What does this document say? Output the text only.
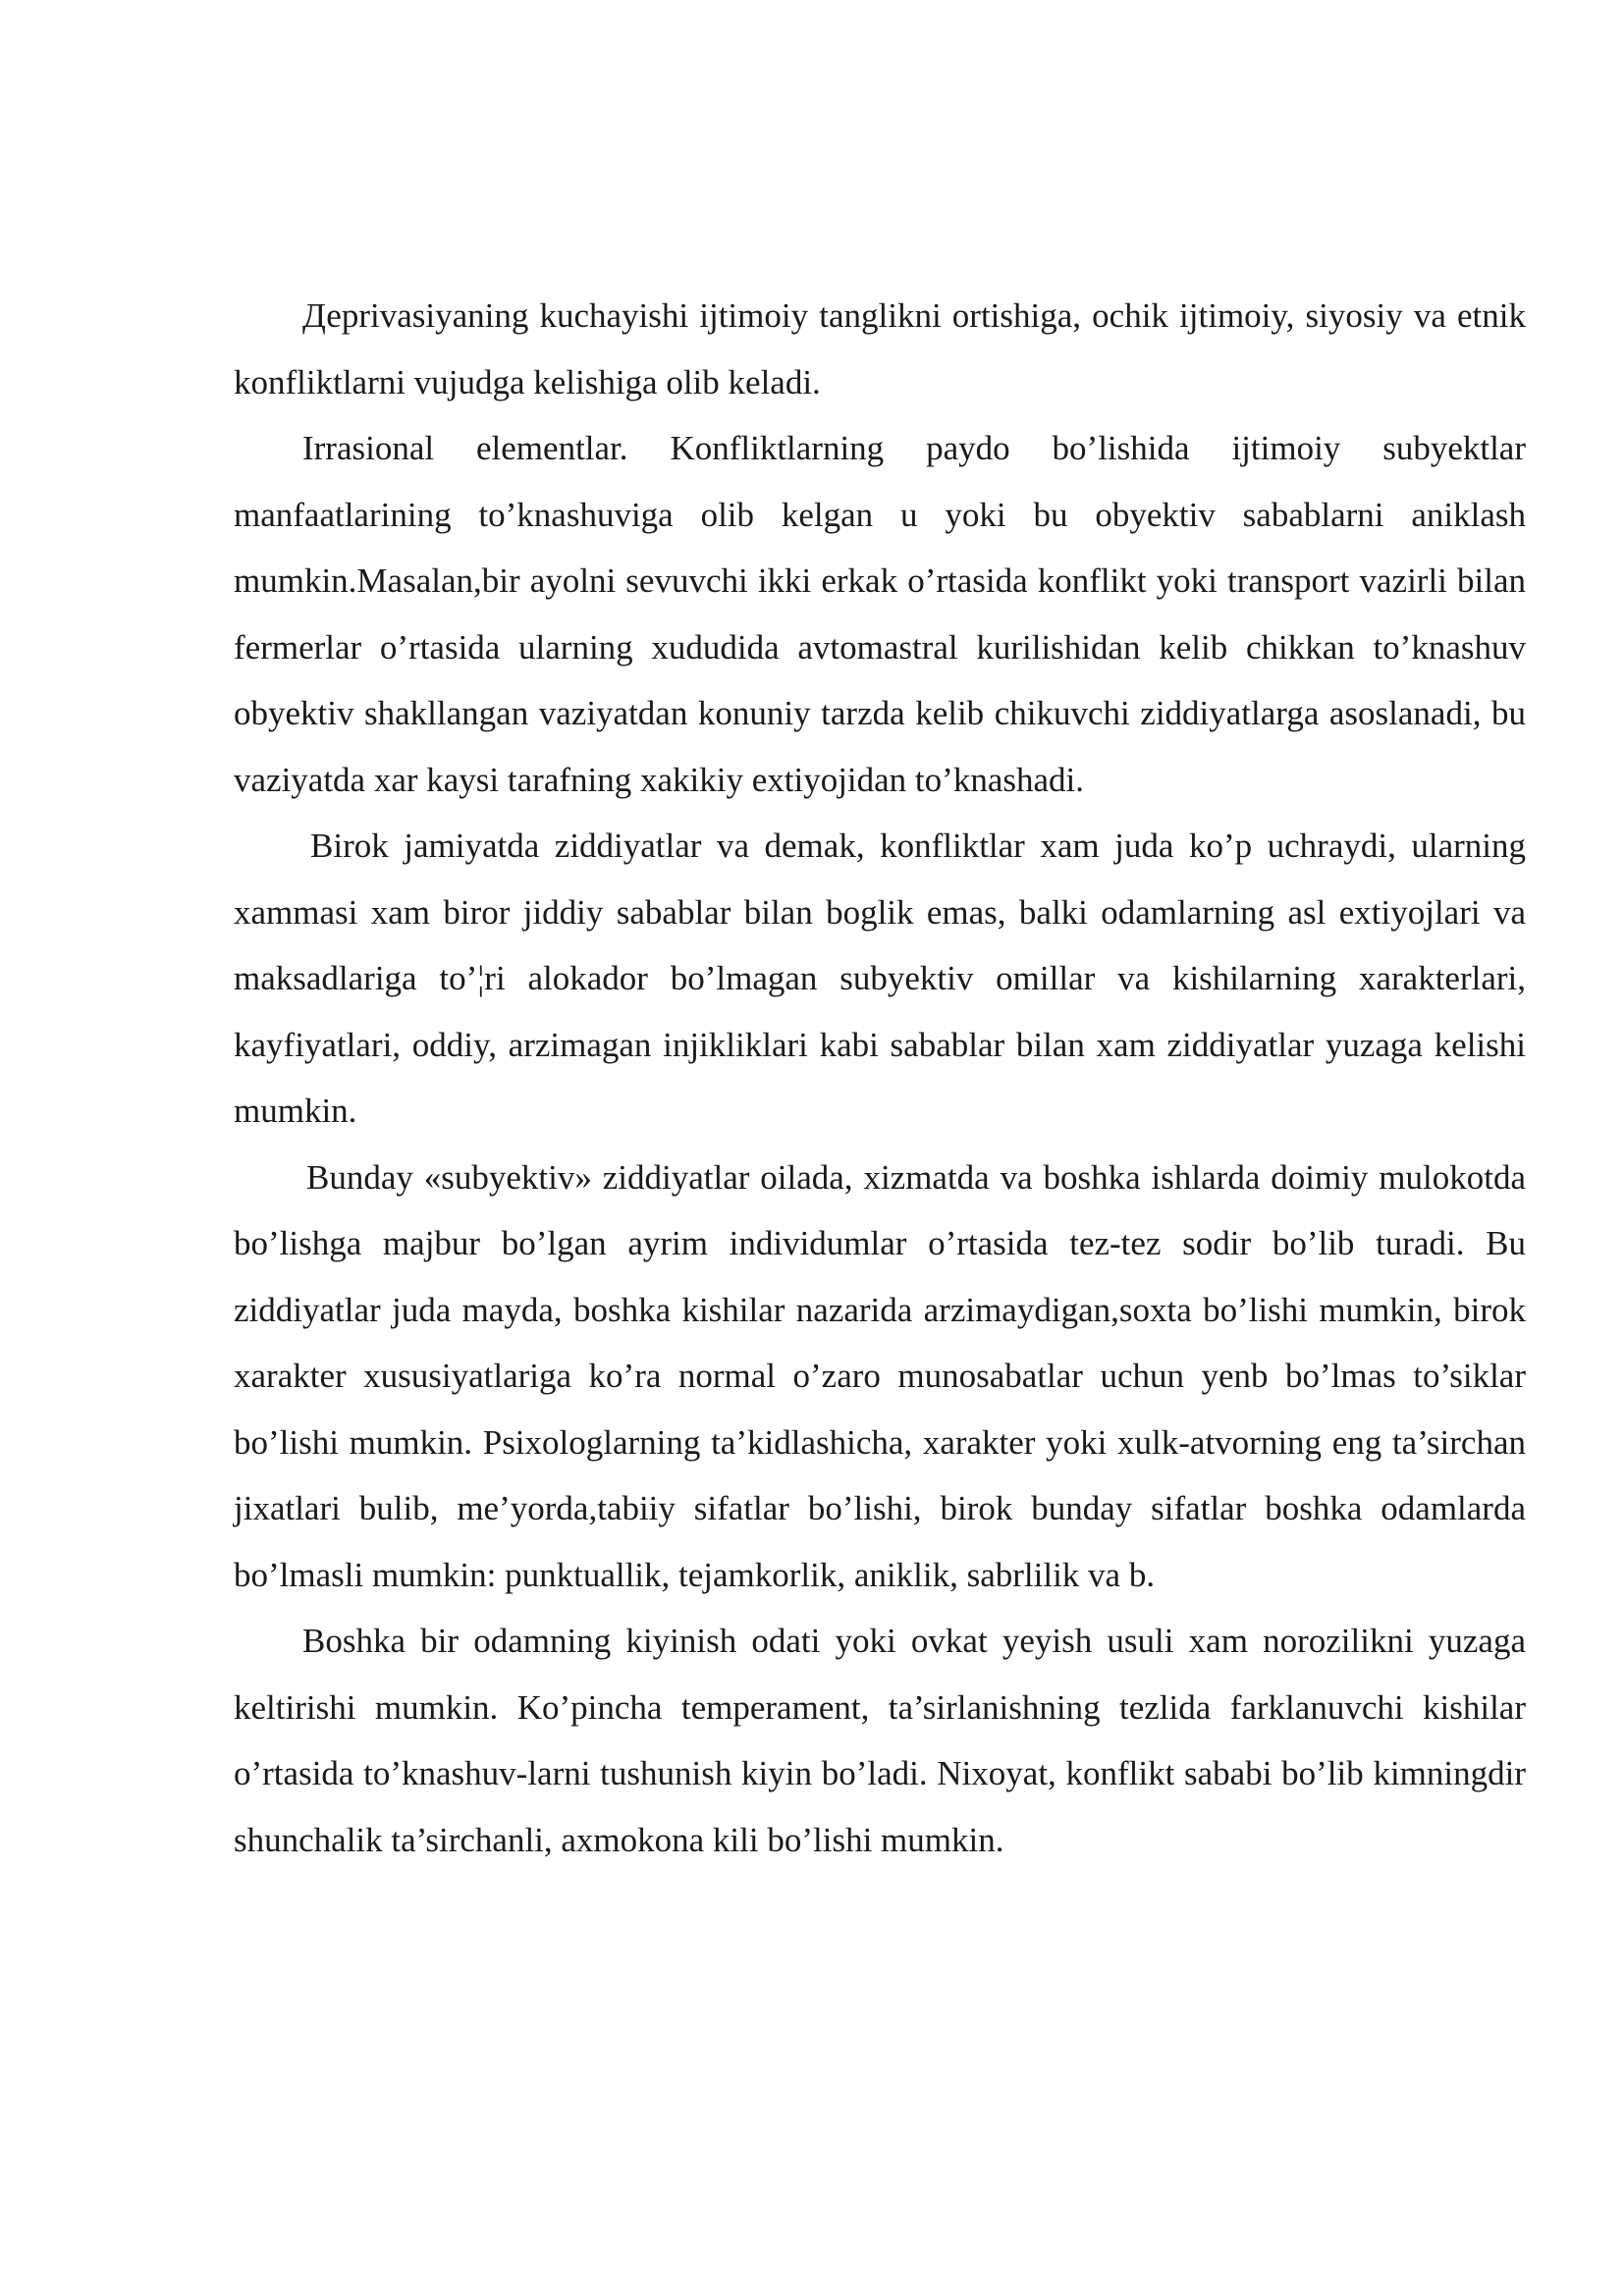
Деprivasiyaning kuchayishi ijtimoiy tanglikni ortishiga, ochik ijtimoiy, siyosiy va etnik konfliktlarni vujudga kelishiga olib keladi.

Irrasional elementlar. Konfliktlarning paydo bo’lishida ijtimoiy subyektlar manfaatlarining to’knashuviga olib kelgan u yoki bu obyektiv sabablarni aniklash mumkin.Masalan,bir ayolni sevuvchi ikki erkak o’rtasida konflikt yoki transport vazirli bilan fermerlar o’rtasida ularning xududida avtomastral kurilishidan kelib chikkan to’knashuv obyektiv shakllangan vaziyatdan konuniy tarzda kelib chikuvchi ziddiyatlarga asoslanadi, bu vaziyatda xar kaysi tarafning xakikiy extiyojidan to’knashadi.

Birok jamiyatda ziddiyatlar va demak, konfliktlar xam juda ko’p uchraydi, ularning xammasi xam biror jiddiy sabablar bilan boglik emas, balki odamlarning asl extiyojlari va maksadlariga to’¦ri alokador bo’lmagan subyektiv omillar va kishilarning xarakterlari, kayfiyatlari, oddiy, arzimagan injikliklari kabi sabablar bilan xam ziddiyatlar yuzaga kelishi mumkin.

Bunday «subyektiv» ziddiyatlar oilada, xizmatda va boshka ishlarda doimiy mulokotda bo’lishga majbur bo’lgan ayrim individumlar o’rtasida tez-tez sodir bo’lib turadi. Bu ziddiyatlar juda mayda, boshka kishilar nazarida arzimaydigan,soxta bo’lishi mumkin, birok xarakter xususiyatlariga ko’ra normal o’zaro munosabatlar uchun yenb bo’lmas to’siklar bo’lishi mumkin. Psixologlarning ta’kidlashicha, xarakter yoki xulk-atvorning eng ta’sirchan jixatlari bulib, me’yorda,tabiiy sifatlar bo’lishi, birok bunday sifatlar boshka odamlarda bo’lmasli mumkin: punktuallik, tejamkorlik, aniklik, sabrlilik va b.

Boshka bir odamning kiyinish odati yoki ovkat yeyish usuli xam norozilikni yuzaga keltirishi mumkin. Ko’pincha temperament, ta’sirlanishning tezlida farklanuvchi kishilar o’rtasida to’knashuv-larni tushunish kiyin bo’ladi. Nixoyat, konflikt sababi bo’lib kimningdir shunchalik ta’sirchanli, axmokona kili bo’lishi mumkin.
